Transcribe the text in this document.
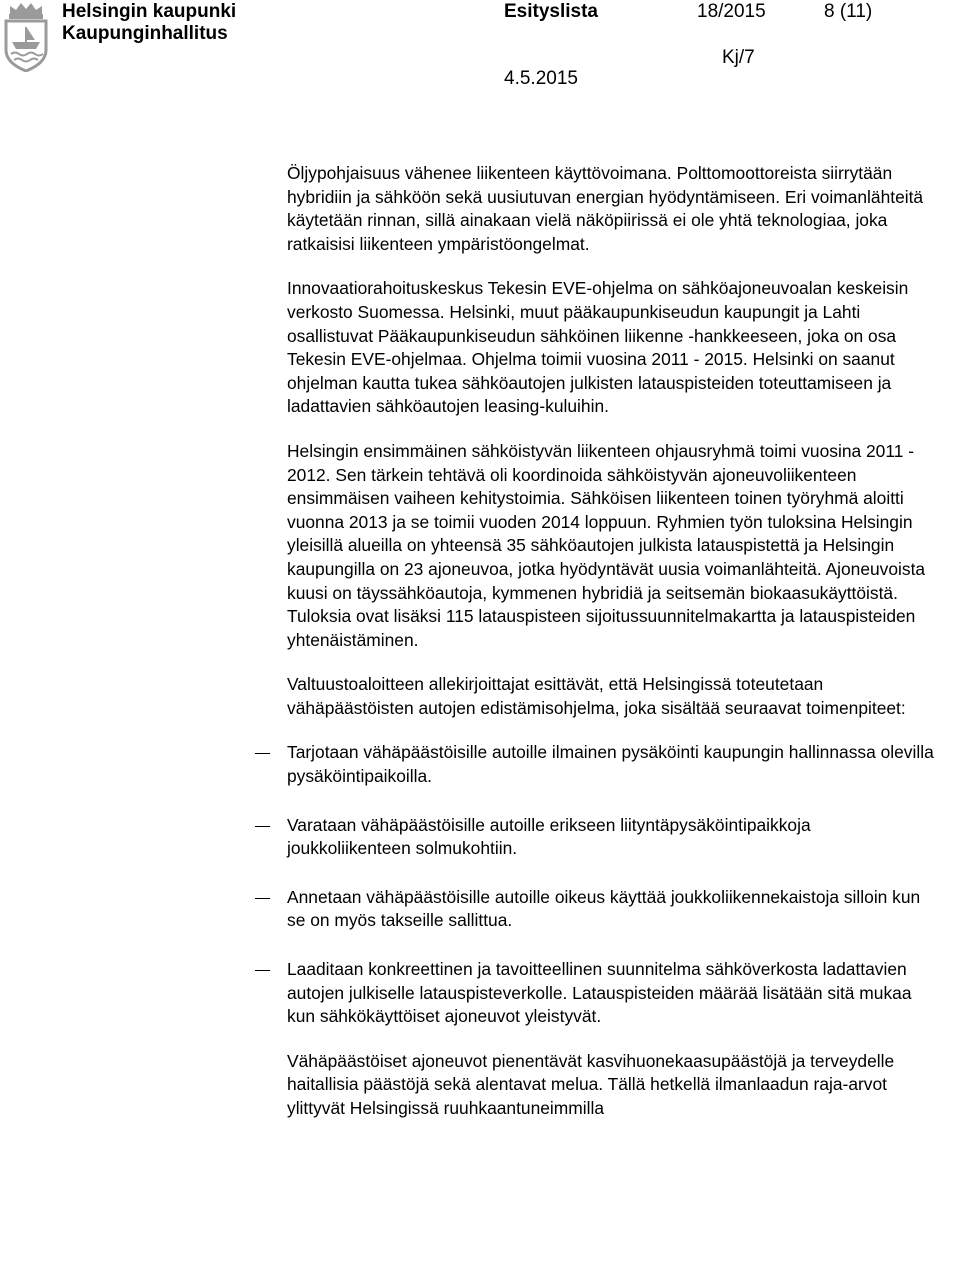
Helsingin kaupunki
Kaupunginhallitus
Esityslista	18/2015	8 (11)
Kj/7
4.5.2015

Öljypohjaisuus vähenee liikenteen käyttövoimana. Polttomoottoreista siirrytään hybridiin ja sähköön sekä uusiutuvan energian hyödyntämiseen. Eri voimanlähteitä käytetään rinnan, sillä ainakaan vielä näköpiirissä ei ole yhtä teknologiaa, joka ratkaisisi liikenteen ympäristöongelmat.

Innovaatiorahoituskeskus Tekesin EVE-ohjelma on sähköajoneuvoalan keskeisin verkosto Suomessa. Helsinki, muut pääkaupunkiseudun kaupungit ja Lahti osallistuvat Pääkaupunkiseudun sähköinen liikenne -hankkeeseen, joka on osa Tekesin EVE-ohjelmaa. Ohjelma toimii vuosina 2011 - 2015. Helsinki on saanut ohjelman kautta tukea sähköautojen julkisten latauspisteiden toteuttamiseen ja ladattavien sähköautojen leasing-kuluihin.

Helsingin ensimmäinen sähköistyvän liikenteen ohjausryhmä toimi vuosina 2011 - 2012. Sen tärkein tehtävä oli koordinoida sähköistyvän ajoneuvoliikenteen ensimmäisen vaiheen kehitystoimia. Sähköisen liikenteen toinen työryhmä aloitti vuonna 2013 ja se toimii vuoden 2014 loppuun. Ryhmien työn tuloksina Helsingin yleisillä alueilla on yhteensä 35 sähköautojen julkista latauspistettä ja Helsingin kaupungilla on 23 ajoneuvoa, jotka hyödyntävät uusia voimanlähteitä. Ajoneuvoista kuusi on täyssähköautoja, kymmenen hybridiä ja seitsemän biokaasukäyttöistä. Tuloksia ovat lisäksi 115 latauspisteen sijoitussuunnitelmakartta ja latauspisteiden yhtenäistäminen.

Valtuustoaloitteen allekirjoittajat esittävät, että Helsingissä toteutetaan vähäpäästöisten autojen edistämisohjelma, joka sisältää seuraavat toimenpiteet:

Tarjotaan vähäpäästöisille autoille ilmainen pysäköinti kaupungin hallinnassa olevilla pysäköintipaikoilla.
Varataan vähäpäästöisille autoille erikseen liityntäpysäköintipaikkoja joukkoliikenteen solmukohtiin.
Annetaan vähäpäästöisille autoille oikeus käyttää joukkoliikennekaistoja silloin kun se on myös takseille sallittua.
Laaditaan konkreettinen ja tavoitteellinen suunnitelma sähköverkosta ladattavien autojen julkiselle latauspisteverkolle. Latauspisteiden määrää lisätään sitä mukaa kun sähkökäyttöiset ajoneuvot yleistyvät.

Vähäpäästöiset ajoneuvot pienentävät kasvihuonekaasupäästöjä ja terveydelle haitallisia päästöjä sekä alentavat melua. Tällä hetkellä ilmanlaadun raja-arvot ylittyvät Helsingissä ruuhkaantuneimmilla
